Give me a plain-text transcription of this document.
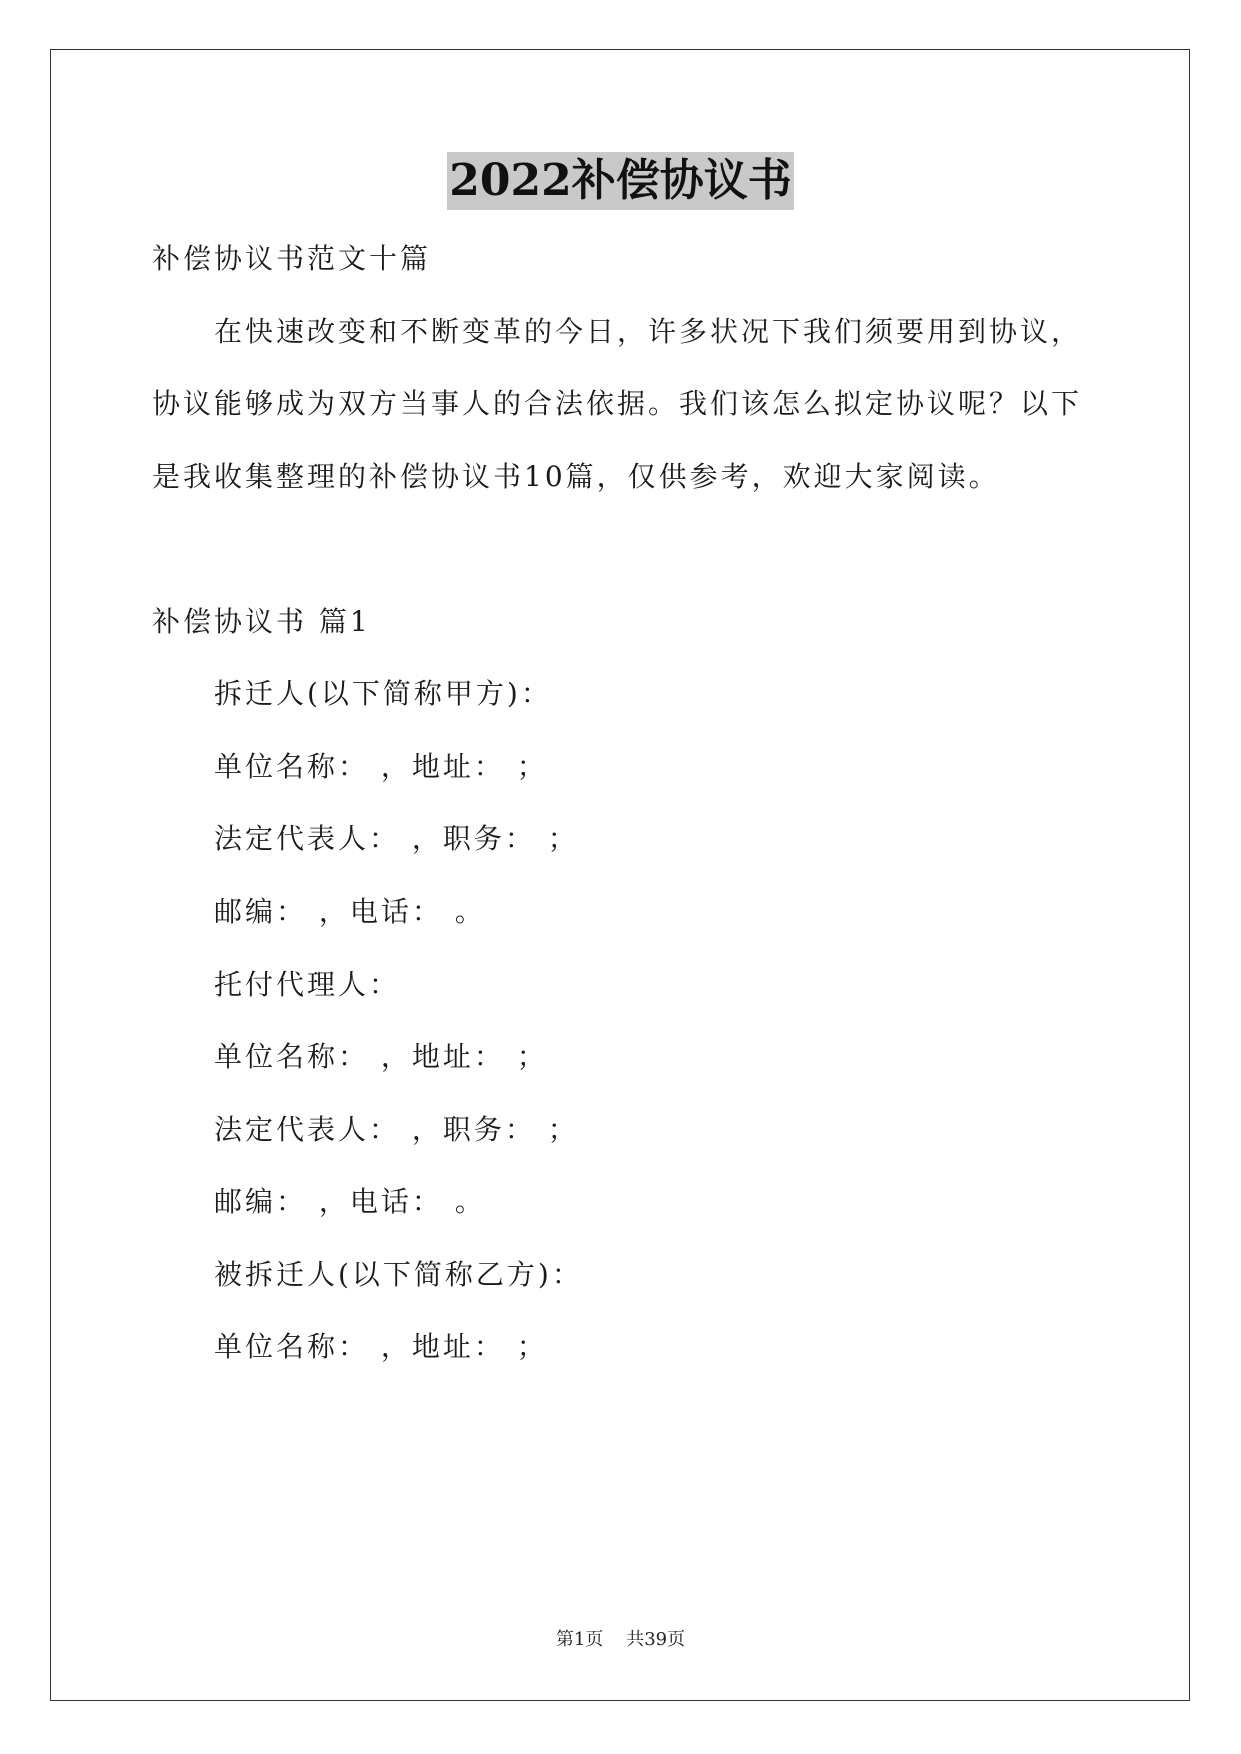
2022补偿协议书
补偿协议书范文十篇
在快速改变和不断变革的今日，许多状况下我们须要用到协议，
协议能够成为双方当事人的合法依据。我们该怎么拟定协议呢？以下
是我收集整理的补偿协议书10篇，仅供参考，欢迎大家阅读。
补偿协议书 篇1
拆迁人(以下简称甲方)：
单位名称： ，地址： ；
法定代表人： ，职务： ；
邮编： ，电话： 。
托付代理人：
单位名称： ，地址： ；
法定代表人： ，职务： ；
邮编： ，电话： 。
被拆迁人(以下简称乙方)：
单位名称： ，地址： ；
第1页    共39页
